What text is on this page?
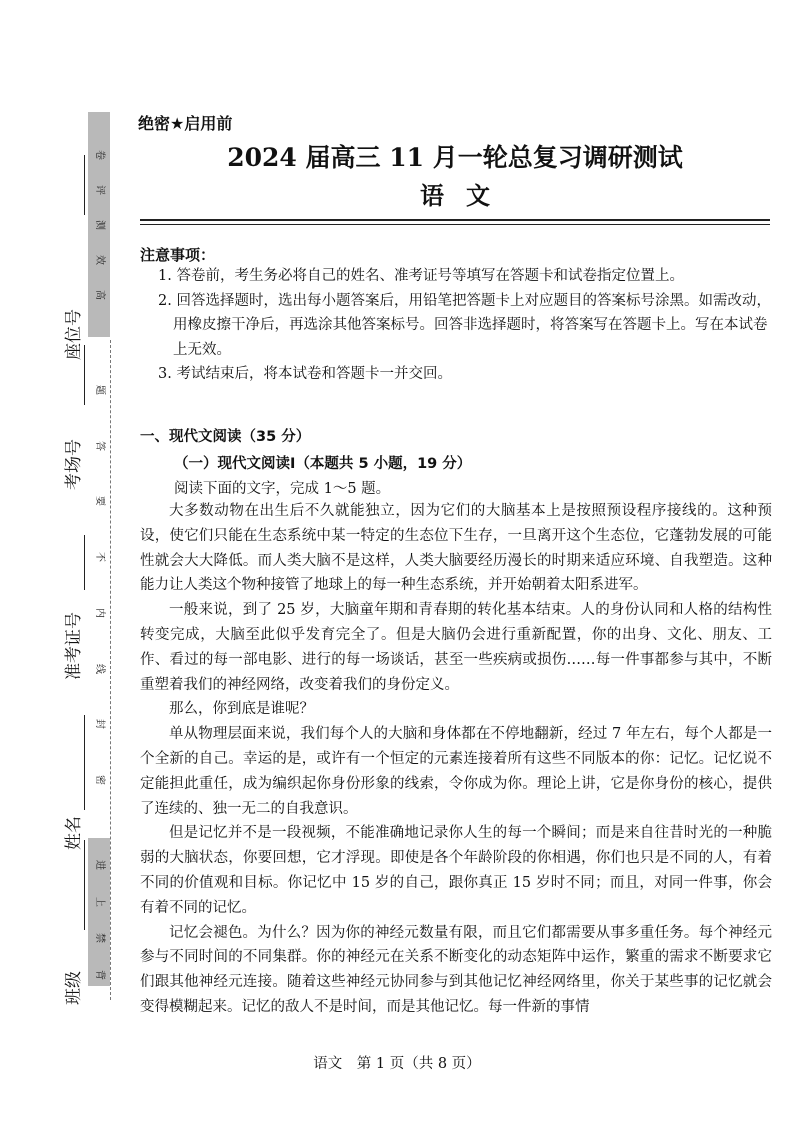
卷
评
测
效
高
题
答
要
不
内
线
封
密
进
上
禁
背
座位号
考场号
准考证号
姓名
班级
绝密★启用前
2024 届高三 11 月一轮总复习调研测试
语文
注意事项：

1. 答卷前，考生务必将自己的姓名、准考证号等填写在答题卡和试卷指定位置上。

2. 回答选择题时，选出每小题答案后，用铅笔把答题卡上对应题目的答案标号涂黑。如需改动，用橡皮擦干净后，再选涂其他答案标号。回答非选择题时，将答案写在答题卡上。写在本试卷上无效。

3. 考试结束后，将本试卷和答题卡一并交回。

一、现代文阅读（35 分）
（一）现代文阅读Ⅰ（本题共 5 小题，19 分）
阅读下面的文字，完成 1～5 题。

大多数动物在出生后不久就能独立，因为它们的大脑基本上是按照预设程序接线的。这种预设，使它们只能在生态系统中某一特定的生态位下生存，一旦离开这个生态位，它蓬勃发展的可能性就会大大降低。而人类大脑不是这样，人类大脑要经历漫长的时期来适应环境、自我塑造。这种能力让人类这个物种接管了地球上的每一种生态系统，并开始朝着太阳系进军。

一般来说，到了 25 岁，大脑童年期和青春期的转化基本结束。人的身份认同和人格的结构性转变完成，大脑至此似乎发育完全了。但是大脑仍会进行重新配置，你的出身、文化、朋友、工作、看过的每一部电影、进行的每一场谈话，甚至一些疾病或损伤……每一件事都参与其中，不断重塑着我们的神经网络，改变着我们的身份定义。

那么，你到底是谁呢？

单从物理层面来说，我们每个人的大脑和身体都在不停地翻新，经过 7 年左右，每个人都是一个全新的自己。幸运的是，或许有一个恒定的元素连接着所有这些不同版本的你：记忆。记忆说不定能担此重任，成为编织起你身份形象的线索，令你成为你。理论上讲，它是你身份的核心，提供了连续的、独一无二的自我意识。

但是记忆并不是一段视频，不能准确地记录你人生的每一个瞬间；而是来自往昔时光的一种脆弱的大脑状态，你要回想，它才浮现。即使是各个年龄阶段的你相遇，你们也只是不同的人，有着不同的价值观和目标。你记忆中 15 岁的自己，跟你真正 15 岁时不同；而且，对同一件事，你会有着不同的记忆。

记忆会褪色。为什么？因为你的神经元数量有限，而且它们都需要从事多重任务。每个神经元参与不同时间的不同集群。你的神经元在关系不断变化的动态矩阵中运作，繁重的需求不断要求它们跟其他神经元连接。随着这些神经元协同参与到其他记忆神经网络里，你关于某些事的记忆就会变得模糊起来。记忆的敌人不是时间，而是其他记忆。每一件新的事情

语文　第 1 页（共 8 页）
